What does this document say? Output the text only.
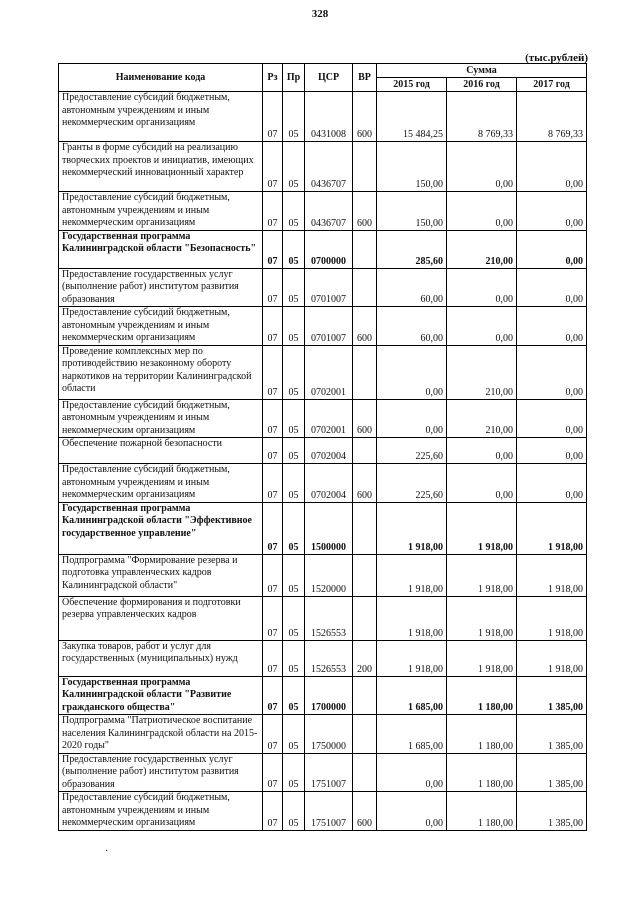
328
(тыс.рублей)
Наименование кода	Рз	Пр	ЦСР	ВР	Сумма		
					2015 год	2016 год	2017 год
Предоставление субсидий бюджетным, автономным учреждениям и иным некоммерческим организациям	07	05	0431008	600	15 484,25	8 769,33	8 769,33
Гранты в форме субсидий на реализацию творческих проектов и инициатив, имеющих некоммерческий инновационный характер	07	05	0436707		150,00	0,00	0,00
Предоставление субсидий бюджетным, автономным учреждениям и иным некоммерческим организациям	07	05	0436707	600	150,00	0,00	0,00
Государственная программа Калининградской области "Безопасность"	07	05	0700000		285,60	210,00	0,00
Предоставление государственных услуг (выполнение работ) институтом развития образования	07	05	0701007		60,00	0,00	0,00
Предоставление субсидий бюджетным, автономным учреждениям и иным некоммерческим организациям	07	05	0701007	600	60,00	0,00	0,00
Проведение комплексных мер по противодействию незаконному обороту наркотиков на территории Калининградской области	07	05	0702001		0,00	210,00	0,00
Предоставление субсидий бюджетным, автономным учреждениям и иным некоммерческим организациям	07	05	0702001	600	0,00	210,00	0,00
Обеспечение пожарной безопасности	07	05	0702004		225,60	0,00	0,00
Предоставление субсидий бюджетным, автономным учреждениям и иным некоммерческим организациям	07	05	0702004	600	225,60	0,00	0,00
Государственная программа Калининградской области "Эффективное государственное управление"	07	05	1500000		1 918,00	1 918,00	1 918,00
Подпрограмма "Формирование резерва и подготовка управленческих кадров Калининградской области"	07	05	1520000		1 918,00	1 918,00	1 918,00
Обеспечение формирования и подготовки резерва управленческих кадров	07	05	1526553		1 918,00	1 918,00	1 918,00
Закупка товаров, работ и услуг для государственных (муниципальных) нужд	07	05	1526553	200	1 918,00	1 918,00	1 918,00
Государственная программа Калининградской области "Развитие гражданского общества"	07	05	1700000		1 685,00	1 180,00	1 385,00
Подпрограмма "Патриотическое воспитание населения Калининградской области на 2015-2020 годы"	07	05	1750000		1 685,00	1 180,00	1 385,00
Предоставление государственных услуг (выполнение работ) институтом развития образования	07	05	1751007		0,00	1 180,00	1 385,00
Предоставление субсидий бюджетным, автономным учреждениям и иным некоммерческим организациям	07	05	1751007	600	0,00	1 180,00	1 385,00
·
